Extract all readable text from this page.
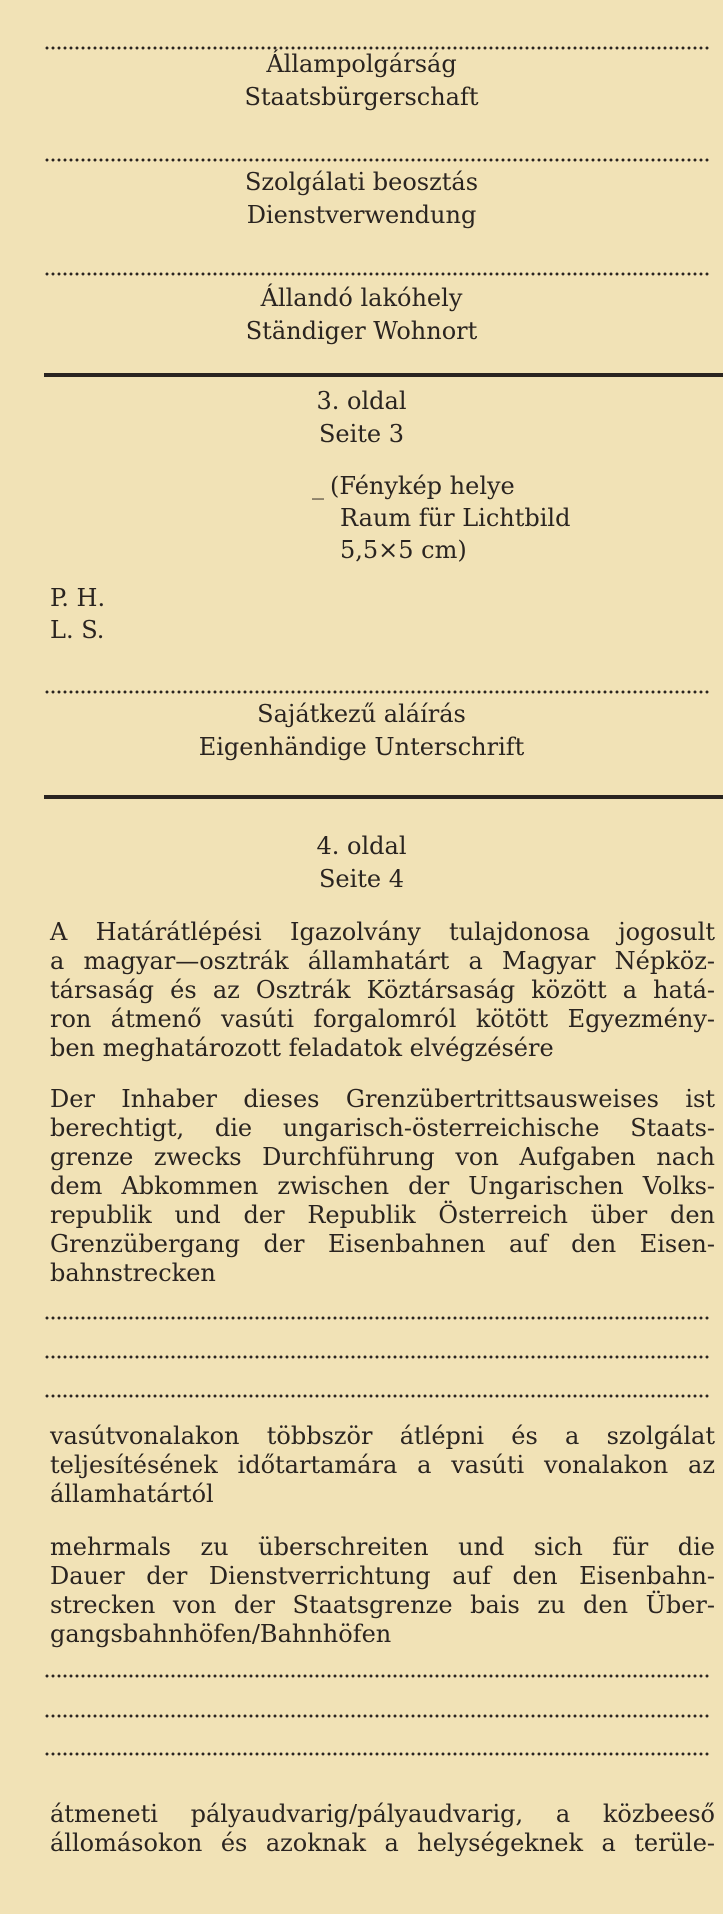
Állampolgárság
Staatsbürgerschaft
Szolgálati beosztás
Dienstverwendung
Állandó lakóhely
Ständiger Wohnort
3. oldal
Seite 3
_ (Fénykép helye
Raum für Lichtbild
5,5×5 cm)
P. H.
L. S.
Sajátkezű aláírás
Eigenhändige Unterschrift
4. oldal
Seite 4
A Határátlépési Igazolvány tulajdonosa jogosult
a magyar—osztrák államhatárt a Magyar Népköz-
társaság és az Osztrák Köztársaság között a hatá-
ron átmenő vasúti forgalomról kötött Egyezmény-
ben meghatározott feladatok elvégzésére
Der Inhaber dieses Grenzübertrittsausweises ist
berechtigt, die ungarisch-österreichische Staats-
grenze zwecks Durchführung von Aufgaben nach
dem Abkommen zwischen der Ungarischen Volks-
republik und der Republik Österreich über den
Grenzübergang der Eisenbahnen auf den Eisen-
bahnstrecken
vasútvonalakon többször átlépni és a szolgálat
teljesítésének időtartamára a vasúti vonalakon az
államhatártól
mehrmals zu überschreiten und sich für die
Dauer der Dienstverrichtung auf den Eisenbahn-
strecken von der Staatsgrenze bais zu den Über-
gangsbahnhöfen/Bahnhöfen
átmeneti pályaudvarig/pályaudvarig, a közbeeső
állomásokon és azoknak a helységeknek a terüle-
